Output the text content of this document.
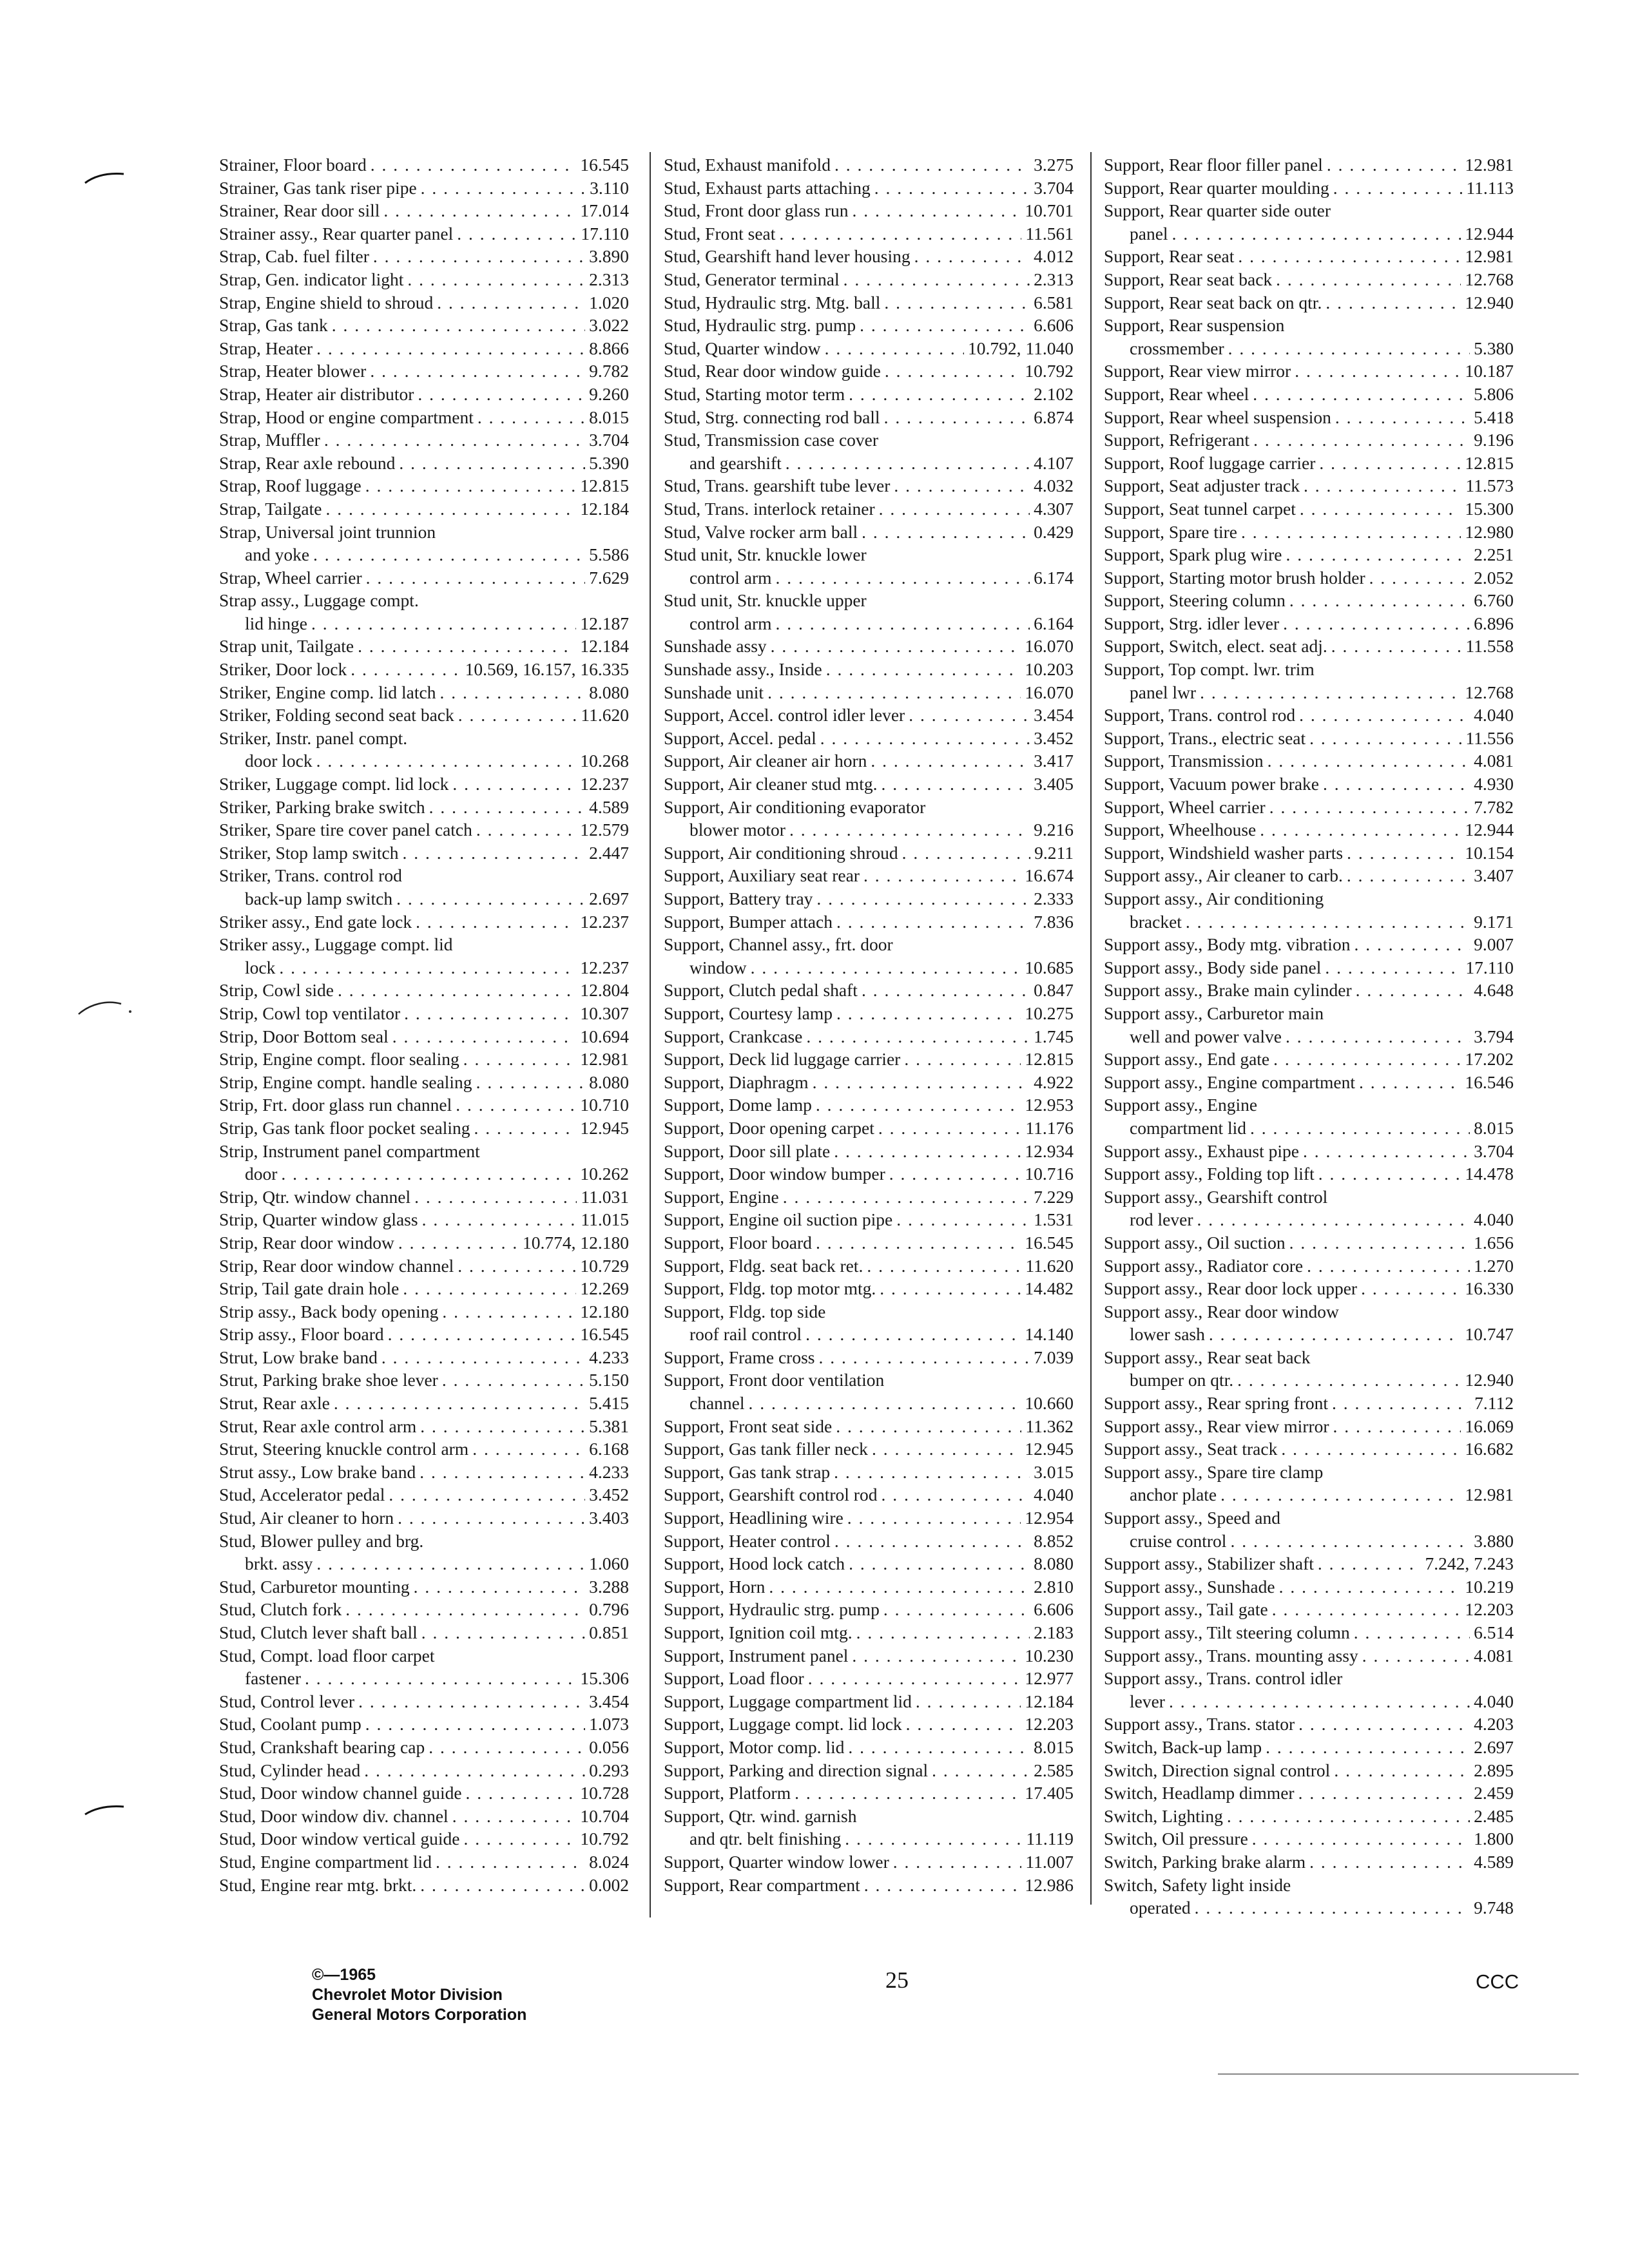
Strainer, Floor board . . .	16.545
Strainer, Gas tank riser pipe . . .	3.110
Strainer, Rear door sill . . .	17.014
Strainer assy., Rear quarter panel . . .	17.110
Strap, Cab. fuel filter . . .	3.890
Strap, Gen. indicator light . . .	2.313
Strap, Engine shield to shroud . . .	1.020
Strap, Gas tank . . .	3.022
Strap, Heater . . .	8.866
Strap, Heater blower . . .	9.782
Strap, Heater air distributor . . .	9.260
Strap, Hood or engine compartment . . .	8.015
Strap, Muffler . . .	3.704
Strap, Rear axle rebound . . .	5.390
Strap, Roof luggage . . .	12.815
Strap, Tailgate . . .	12.184
Strap, Universal joint trunnion
and yoke . . .	5.586
Strap, Wheel carrier . . .	7.629
Strap assy., Luggage compt.
lid hinge . . .	12.187
Strap unit, Tailgate . . .	12.184
Striker, Door lock . . .	10.569, 16.157, 16.335
Striker, Engine comp. lid latch . . .	8.080
Striker, Folding second seat back . . .	11.620
Striker, Instr. panel compt.
door lock . . .	10.268
Striker, Luggage compt. lid lock . . .	12.237
Striker, Parking brake switch . . .	4.589
Striker, Spare tire cover panel catch . . .	12.579
Striker, Stop lamp switch . . .	2.447
Striker, Trans. control rod
back-up lamp switch . . .	2.697
Striker assy., End gate lock . . .	12.237
Striker assy., Luggage compt. lid
lock . . .	12.237
Strip, Cowl side . . .	12.804
Strip, Cowl top ventilator . . .	10.307
Strip, Door Bottom seal . . .	10.694
Strip, Engine compt. floor sealing . . .	12.981
Strip, Engine compt. handle sealing . . .	8.080
Strip, Frt. door glass run channel . . .	10.710
Strip, Gas tank floor pocket sealing . . .	12.945
Strip, Instrument panel compartment
door . . .	10.262
Strip, Qtr. window channel . . .	11.031
Strip, Quarter window glass . . .	11.015
Strip, Rear door window . . .	10.774, 12.180
Strip, Rear door window channel . . .	10.729
Strip, Tail gate drain hole . . .	12.269
Strip assy., Back body opening . . .	12.180
Strip assy., Floor board . . .	16.545
Strut, Low brake band . . .	4.233
Strut, Parking brake shoe lever . . .	5.150
Strut, Rear axle . . .	5.415
Strut, Rear axle control arm . . .	5.381
Strut, Steering knuckle control arm . . .	6.168
Strut assy., Low brake band . . .	4.233
Stud, Accelerator pedal . . .	3.452
Stud, Air cleaner to horn . . .	3.403
Stud, Blower pulley and brg.
brkt. assy . . .	1.060
Stud, Carburetor mounting . . .	3.288
Stud, Clutch fork . . .	0.796
Stud, Clutch lever shaft ball . . .	0.851
Stud, Compt. load floor carpet
fastener . . .	15.306
Stud, Control lever . . .	3.454
Stud, Coolant pump . . .	1.073
Stud, Crankshaft bearing cap . . .	0.056
Stud, Cylinder head . . .	0.293
Stud, Door window channel guide . . .	10.728
Stud, Door window div. channel . . .	10.704
Stud, Door window vertical guide . . .	10.792
Stud, Engine compartment lid . . .	8.024
Stud, Engine rear mtg. brkt. . . .	0.002
Stud, Exhaust manifold . . .	3.275
Stud, Exhaust parts attaching . . .	3.704
Stud, Front door glass run . . .	10.701
Stud, Front seat . . .	11.561
Stud, Gearshift hand lever housing . . .	4.012
Stud, Generator terminal . . .	2.313
Stud, Hydraulic strg. Mtg. ball . . .	6.581
Stud, Hydraulic strg. pump . . .	6.606
Stud, Quarter window . . .	10.792, 11.040
Stud, Rear door window guide . . .	10.792
Stud, Starting motor term . . .	2.102
Stud, Strg. connecting rod ball . . .	6.874
Stud, Transmission case cover
and gearshift . . .	4.107
Stud, Trans. gearshift tube lever . . .	4.032
Stud, Trans. interlock retainer . . .	4.307
Stud, Valve rocker arm ball . . .	0.429
Stud unit, Str. knuckle lower
control arm . . .	6.174
Stud unit, Str. knuckle upper
control arm . . .	6.164
Sunshade assy . . .	16.070
Sunshade assy., Inside . . .	10.203
Sunshade unit . . .	16.070
Support, Accel. control idler lever . . .	3.454
Support, Accel. pedal . . .	3.452
Support, Air cleaner air horn . . .	3.417
Support, Air cleaner stud mtg. . . .	3.405
Support, Air conditioning evaporator
blower motor . . .	9.216
Support, Air conditioning shroud . . .	9.211
Support, Auxiliary seat rear . . .	16.674
Support, Battery tray . . .	2.333
Support, Bumper attach . . .	7.836
Support, Channel assy., frt. door
window . . .	10.685
Support, Clutch pedal shaft . . .	0.847
Support, Courtesy lamp . . .	10.275
Support, Crankcase . . .	1.745
Support, Deck lid luggage carrier . . .	12.815
Support, Diaphragm . . .	4.922
Support, Dome lamp . . .	12.953
Support, Door opening carpet . . .	11.176
Support, Door sill plate . . .	12.934
Support, Door window bumper . . .	10.716
Support, Engine . . .	7.229
Support, Engine oil suction pipe . . .	1.531
Support, Floor board . . .	16.545
Support, Fldg. seat back ret. . . .	11.620
Support, Fldg. top motor mtg. . . .	14.482
Support, Fldg. top side
roof rail control . . .	14.140
Support, Frame cross . . .	7.039
Support, Front door ventilation
channel . . .	10.660
Support, Front seat side . . .	11.362
Support, Gas tank filler neck . . .	12.945
Support, Gas tank strap . . .	3.015
Support, Gearshift control rod . . .	4.040
Support, Headlining wire . . .	12.954
Support, Heater control . . .	8.852
Support, Hood lock catch . . .	8.080
Support, Horn . . .	2.810
Support, Hydraulic strg. pump . . .	6.606
Support, Ignition coil mtg. . . .	2.183
Support, Instrument panel . . .	10.230
Support, Load floor . . .	12.977
Support, Luggage compartment lid . . .	12.184
Support, Luggage compt. lid lock . . .	12.203
Support, Motor comp. lid . . .	8.015
Support, Parking and direction signal . . .	2.585
Support, Platform . . .	17.405
Support, Qtr. wind. garnish
and qtr. belt finishing . . .	11.119
Support, Quarter window lower . . .	11.007
Support, Rear compartment . . .	12.986
Support, Rear floor filler panel . . .	12.981
Support, Rear quarter moulding . . .	11.113
Support, Rear quarter side outer
panel . . .	12.944
Support, Rear seat . . .	12.981
Support, Rear seat back . . .	12.768
Support, Rear seat back on qtr. . . .	12.940
Support, Rear suspension
crossmember . . .	5.380
Support, Rear view mirror . . .	10.187
Support, Rear wheel . . .	5.806
Support, Rear wheel suspension . . .	5.418
Support, Refrigerant . . .	9.196
Support, Roof luggage carrier . . .	12.815
Support, Seat adjuster track . . .	11.573
Support, Seat tunnel carpet . . .	15.300
Support, Spare tire . . .	12.980
Support, Spark plug wire . . .	2.251
Support, Starting motor brush holder . . .	2.052
Support, Steering column . . .	6.760
Support, Strg. idler lever . . .	6.896
Support, Switch, elect. seat adj. . . .	11.558
Support, Top compt. lwr. trim
panel lwr . . .	12.768
Support, Trans. control rod . . .	4.040
Support, Trans., electric seat . . .	11.556
Support, Transmission . . .	4.081
Support, Vacuum power brake . . .	4.930
Support, Wheel carrier . . .	7.782
Support, Wheelhouse . . .	12.944
Support, Windshield washer parts . . .	10.154
Support assy., Air cleaner to carb. . . .	3.407
Support assy., Air conditioning
bracket . . .	9.171
Support assy., Body mtg. vibration . . .	9.007
Support assy., Body side panel . . .	17.110
Support assy., Brake main cylinder . . .	4.648
Support assy., Carburetor main
well and power valve . . .	3.794
Support assy., End gate . . .	17.202
Support assy., Engine compartment . . .	16.546
Support assy., Engine
compartment lid . . .	8.015
Support assy., Exhaust pipe . . .	3.704
Support assy., Folding top lift . . .	14.478
Support assy., Gearshift control
rod lever . . .	4.040
Support assy., Oil suction . . .	1.656
Support assy., Radiator core . . .	1.270
Support assy., Rear door lock upper . . .	16.330
Support assy., Rear door window
lower sash . . .	10.747
Support assy., Rear seat back
bumper on qtr. . . .	12.940
Support assy., Rear spring front . . .	7.112
Support assy., Rear view mirror . . .	16.069
Support assy., Seat track . . .	16.682
Support assy., Spare tire clamp
anchor plate . . .	12.981
Support assy., Speed and
cruise control . . .	3.880
Support assy., Stabilizer shaft . . .	7.242, 7.243
Support assy., Sunshade . . .	10.219
Support assy., Tail gate . . .	12.203
Support assy., Tilt steering column . . .	6.514
Support assy., Trans. mounting assy . . .	4.081
Support assy., Trans. control idler
lever . . .	4.040
Support assy., Trans. stator . . .	4.203
Switch, Back-up lamp . . .	2.697
Switch, Direction signal control . . .	2.895
Switch, Headlamp dimmer . . .	2.459
Switch, Lighting . . .	2.485
Switch, Oil pressure . . .	1.800
Switch, Parking brake alarm . . .	4.589
Switch, Safety light inside
operated . . .	9.748
©—1965
Chevrolet Motor Division
General Motors Corporation
25	CCC
